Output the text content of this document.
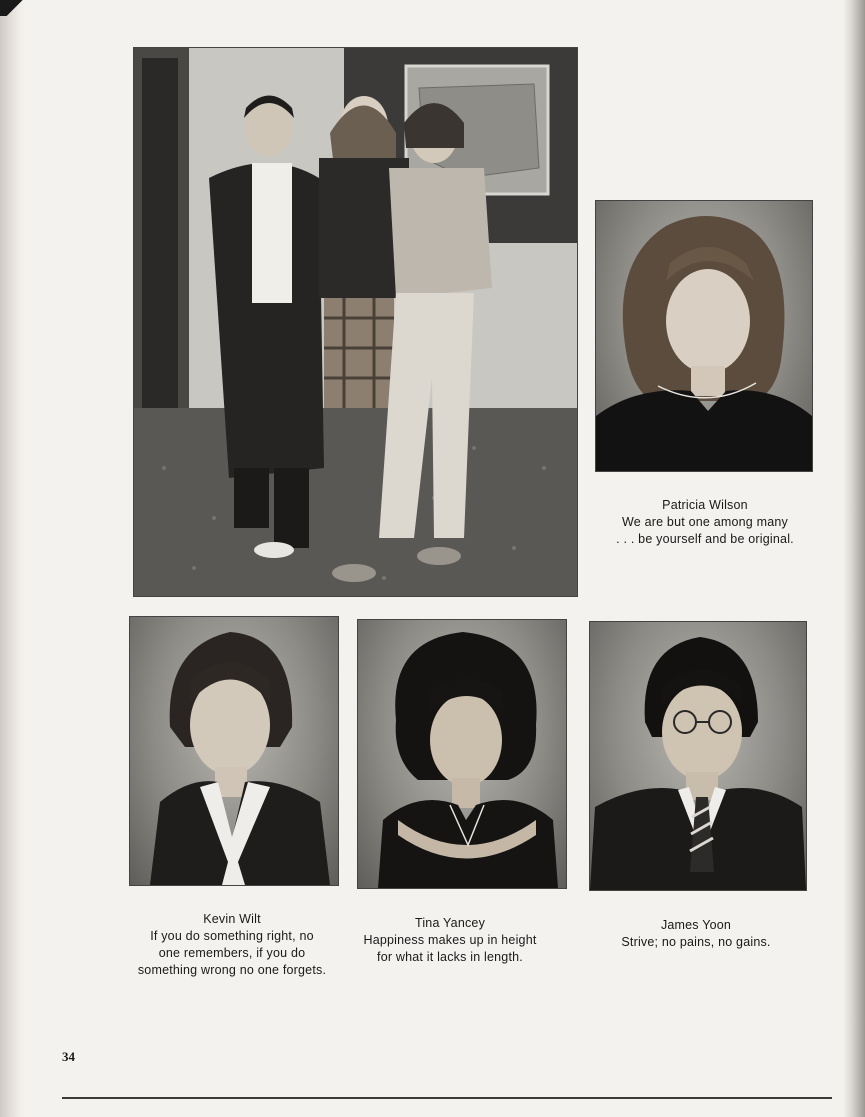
Patricia Wilson
We are but one among many
. . . be yourself and be original.
Kevin Wilt
If you do something right, no
one remembers, if you do
something wrong no one forgets.
Tina Yancey
Happiness makes up in height
for what it lacks in length.
James Yoon
Strive; no pains, no gains.
34
